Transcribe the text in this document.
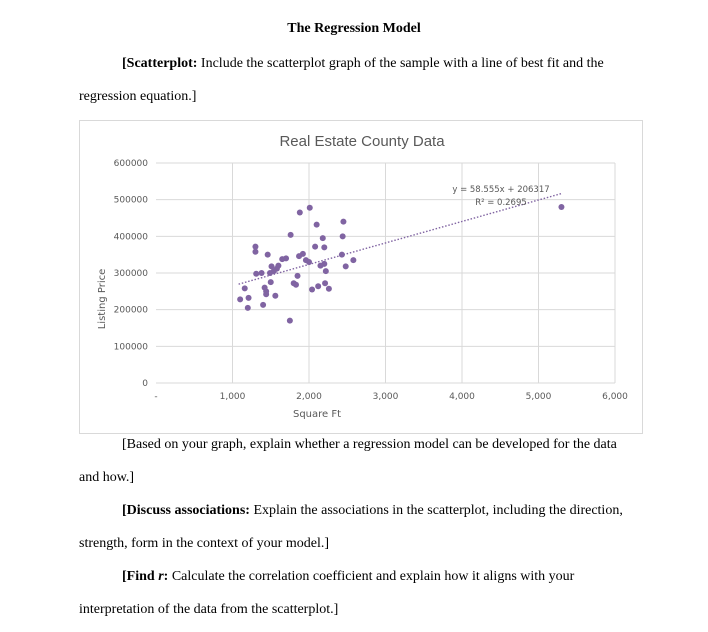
The Regression Model
[Scatterplot: Include the scatterplot graph of the sample with a line of best fit and the
regression equation.]
Real Estate County Data
0
100000
200000
300000
400000
500000
600000
-	1,000	2,000	3,000	4,000	5,000	6,000
y = 58.555x + 206317
R² = 0.2695
Square Ft
Listing Price
[Based on your graph, explain whether a regression model can be developed for the data
and how.]
[Discuss associations: Explain the associations in the scatterplot, including the direction,
strength, form in the context of your model.]
[Find r: Calculate the correlation coefficient and explain how it aligns with your
interpretation of the data from the scatterplot.]
